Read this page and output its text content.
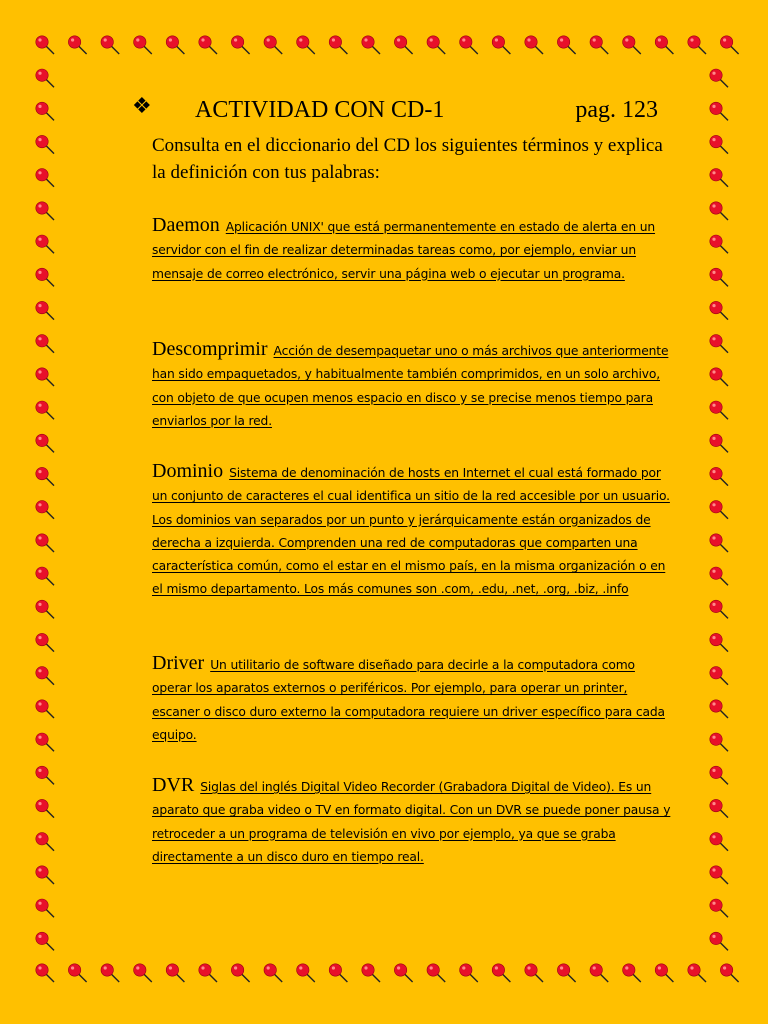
❖ ACTIVIDAD CON CD-1	pag. 123
Consulta en el diccionario del CD los siguientes términos y explica la definición con tus palabras:
Daemon Aplicación UNIX' que está permanentemente en estado de alerta en un servidor con el fin de realizar determinadas tareas como, por ejemplo, enviar un mensaje de correo electrónico, servir una página web o ejecutar un programa.
Descomprimir Acción de desempaquetar uno o más archivos que anteriormente han sido empaquetados, y habitualmente también comprimidos, en un solo archivo, con objeto de que ocupen menos espacio en disco y se precise menos tiempo para enviarlos por la red.
Dominio Sistema de denominación de hosts en Internet el cual está formado por un conjunto de caracteres el cual identifica un sitio de la red accesible por un usuario. Los dominios van separados por un punto y jerárquicamente están organizados de derecha a izquierda. Comprenden una red de computadoras que comparten una característica común, como el estar en el mismo país, en la misma organización o en el mismo departamento. Los más comunes son .com, .edu, .net, .org, .biz, .info
Driver Un utilitario de software diseñado para decirle a la computadora como operar los aparatos externos o periféricos. Por ejemplo, para operar un printer, escaner o disco duro externo la computadora requiere un driver específico para cada equipo.
DVR Siglas del inglés Digital Video Recorder (Grabadora Digital de Video). Es un aparato que graba video o TV en formato digital. Con un DVR se puede poner pausa y retroceder a un programa de televisión en vivo por ejemplo, ya que se graba directamente a un disco duro en tiempo real.
